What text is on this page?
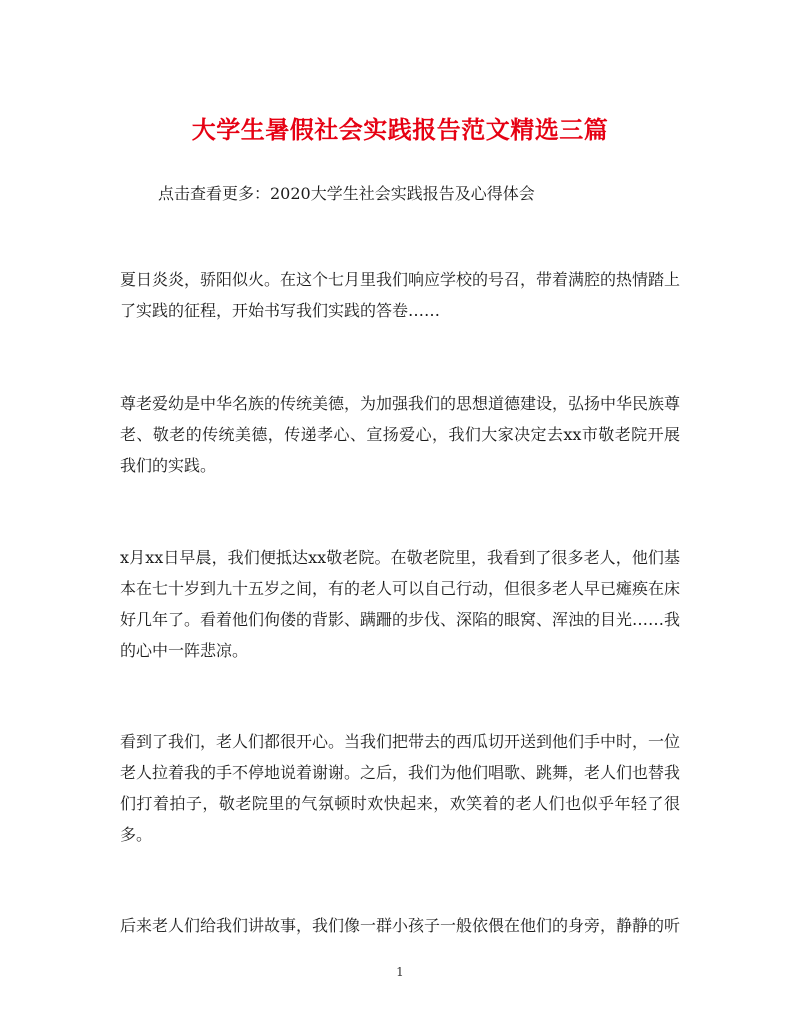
大学生暑假社会实践报告范文精选三篇
点击查看更多：2020大学生社会实践报告及心得体会
夏日炎炎，骄阳似火。在这个七月里我们响应学校的号召，带着满腔的热情踏上了实践的征程，开始书写我们实践的答卷……
尊老爱幼是中华名族的传统美德，为加强我们的思想道德建设，弘扬中华民族尊老、敬老的传统美德，传递孝心、宣扬爱心，我们大家决定去xx市敬老院开展我们的实践。
x月xx日早晨，我们便抵达xx敬老院。在敬老院里，我看到了很多老人，他们基本在七十岁到九十五岁之间，有的老人可以自己行动，但很多老人早已瘫痪在床好几年了。看着他们佝偻的背影、蹒跚的步伐、深陷的眼窝、浑浊的目光……我的心中一阵悲凉。
看到了我们，老人们都很开心。当我们把带去的西瓜切开送到他们手中时，一位老人拉着我的手不停地说着谢谢。之后，我们为他们唱歌、跳舞，老人们也替我们打着拍子，敬老院里的气氛顿时欢快起来，欢笑着的老人们也似乎年轻了很多。
后来老人们给我们讲故事，我们像一群小孩子一般依偎在他们的身旁，静静的听
1
